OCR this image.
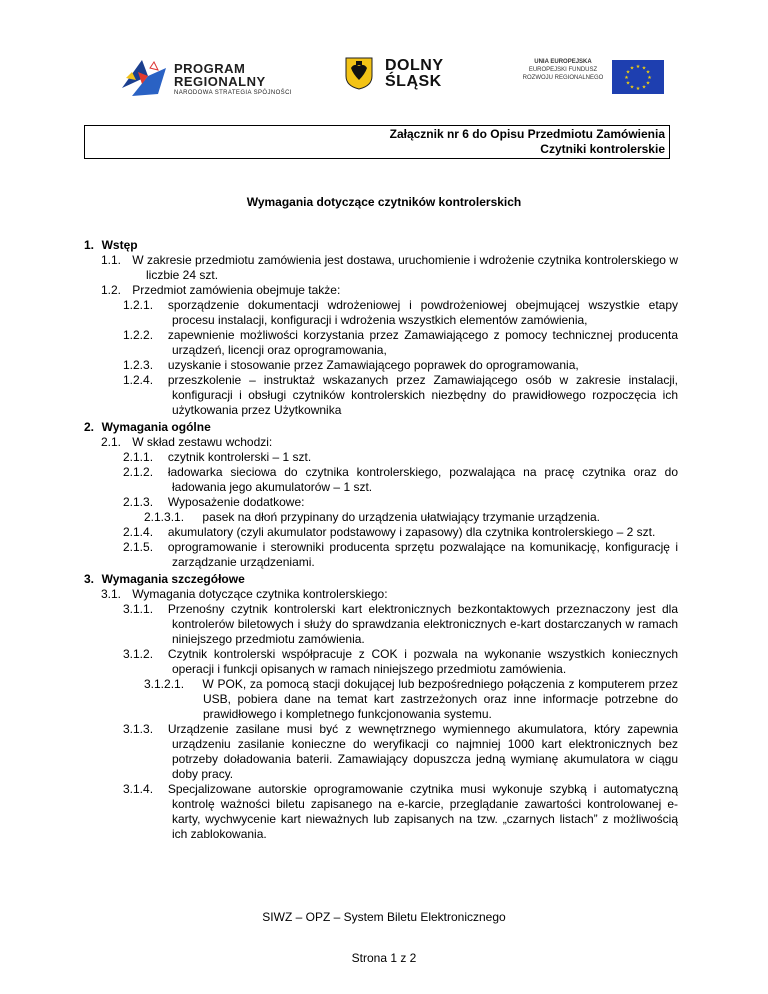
PROGRAM
REGIONALNY
NARODOWA STRATEGIA SPÓJNOŚCI
DOLNY
ŚLĄSK
UNIA EUROPEJSKA
EUROPEJSKI FUNDUSZ
ROZWOJU REGIONALNEGO
★ ★
★
★
★
★
★
★
★
★
★
★
Załącznik nr 6 do Opisu Przedmiotu Zamówienia
Czytniki kontrolerskie
Wymagania dotyczące czytników kontrolerskich
1. Wstęp
1.1. W zakresie przedmiotu zamówienia jest dostawa, uruchomienie i wdrożenie czytnika kontrolerskiego w liczbie 24 szt.
1.2. Przedmiot zamówienia obejmuje także:
1.2.1. sporządzenie dokumentacji wdrożeniowej i powdrożeniowej obejmującej wszystkie etapy procesu instalacji, konfiguracji i wdrożenia wszystkich elementów zamówienia,
1.2.2. zapewnienie możliwości korzystania przez Zamawiającego z pomocy technicznej producenta urządzeń, licencji oraz oprogramowania,
1.2.3. uzyskanie i stosowanie przez Zamawiającego poprawek do oprogramowania,
1.2.4. przeszkolenie – instruktaż wskazanych przez Zamawiającego osób w zakresie instalacji, konfiguracji i obsługi czytników kontrolerskich niezbędny do prawidłowego rozpoczęcia ich użytkowania przez Użytkownika
2. Wymagania ogólne
2.1. W skład zestawu wchodzi:
2.1.1. czytnik kontrolerski – 1 szt.
2.1.2. ładowarka sieciowa do czytnika kontrolerskiego, pozwalająca na pracę czytnika oraz do ładowania jego akumulatorów – 1 szt.
2.1.3. Wyposażenie dodatkowe:
2.1.3.1. pasek na dłoń przypinany do urządzenia ułatwiający trzymanie urządzenia.
2.1.4. akumulatory (czyli akumulator podstawowy i zapasowy) dla czytnika kontrolerskiego – 2 szt.
2.1.5. oprogramowanie i sterowniki producenta sprzętu pozwalające na komunikację, konfigurację i zarządzanie urządzeniami.
3. Wymagania szczegółowe
3.1. Wymagania dotyczące czytnika kontrolerskiego:
3.1.1. Przenośny czytnik kontrolerski kart elektronicznych bezkontaktowych przeznaczony jest dla kontrolerów biletowych i służy do sprawdzania elektronicznych e-kart dostarczanych w ramach niniejszego przedmiotu zamówienia.
3.1.2. Czytnik kontrolerski współpracuje z COK i pozwala na wykonanie wszystkich koniecznych operacji i funkcji opisanych w ramach niniejszego przedmiotu zamówienia.
3.1.2.1. W POK, za pomocą stacji dokującej lub bezpośredniego połączenia z komputerem przez USB, pobiera dane na temat kart zastrzeżonych oraz inne informacje potrzebne do prawidłowego i kompletnego funkcjonowania systemu.
3.1.3. Urządzenie zasilane musi być z wewnętrznego wymiennego akumulatora, który zapewnia urządzeniu zasilanie konieczne do weryfikacji co najmniej 1000 kart elektronicznych bez potrzeby doładowania baterii. Zamawiający dopuszcza jedną wymianę akumulatora w ciągu doby pracy.
3.1.4. Specjalizowane autorskie oprogramowanie czytnika musi wykonuje szybką i automatyczną kontrolę ważności biletu zapisanego na e-karcie, przeglądanie zawartości kontrolowanej e-karty, wychwycenie kart nieważnych lub zapisanych na tzw. „czarnych listach” z możliwością ich zablokowania.
SIWZ – OPZ – System Biletu Elektronicznego
Strona 1 z 2
